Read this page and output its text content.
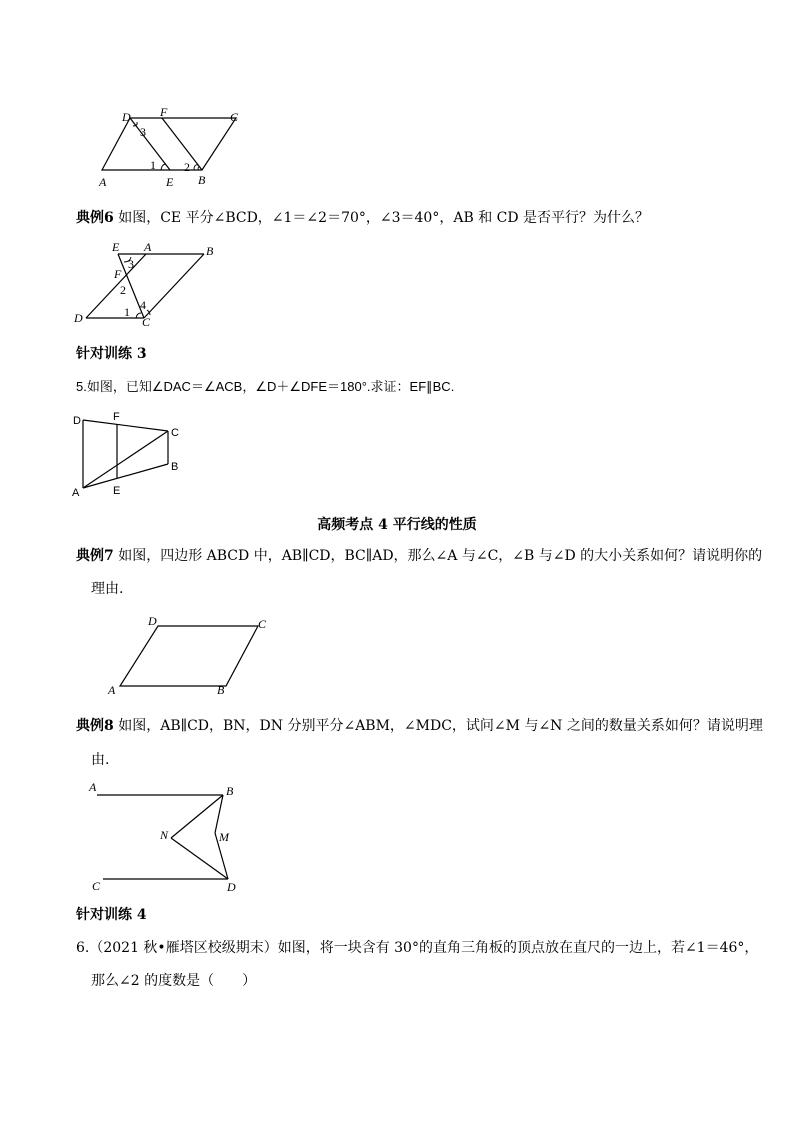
D F	C
3
1 2
A	E B
典例6 如图，CE 平分∠BCD，∠1＝∠2＝70°，∠3＝40°，AB 和 CD 是否平行？为什么？
E A	B
3
F
2
4
D	1
C
针对训练 3
5.如图，已知∠DAC＝∠ACB，∠D＋∠DFE＝180°.求证：EF∥BC.
D	F
C
B
A	E
高频考点 4 平行线的性质
典例7 如图，四边形 ABCD 中，AB∥CD，BC∥AD，那么∠A 与∠C，∠B 与∠D 的大小关系如何？请说明你的
理由.
D	C
A	B
典例8 如图，AB∥CD，BN，DN 分别平分∠ABM，∠MDC，试问∠M 与∠N 之间的数量关系如何？请说明理
由.
A	B
N	M
C	D
针对训练 4
6.（2021 秋•雁塔区校级期末）如图，将一块含有 30°的直角三角板的顶点放在直尺的一边上，若∠1＝46°，
那么∠2 的度数是（　　）
